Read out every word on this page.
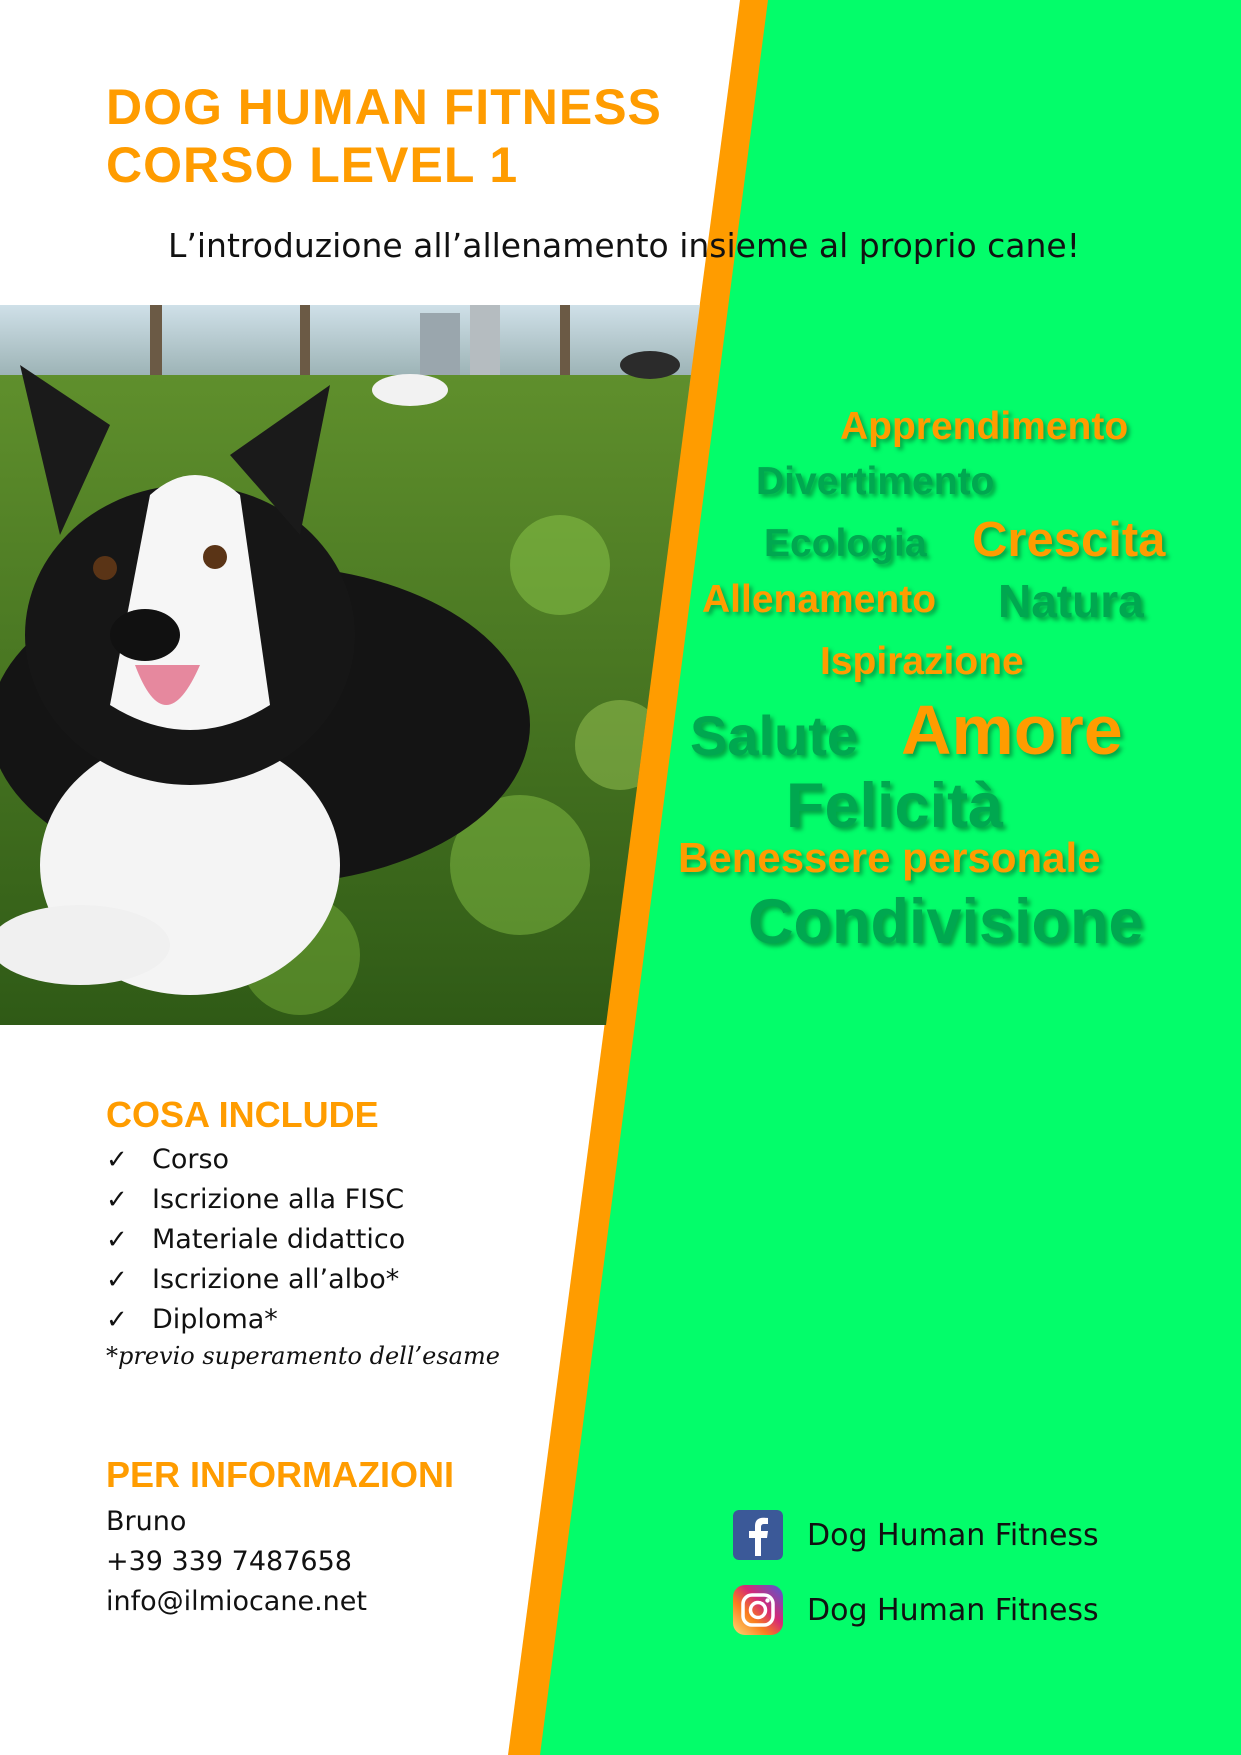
DOG HUMAN FITNESS
CORSO LEVEL 1

L’introduzione all’allenamento insieme al proprio cane!

Apprendimento
Divertimento
Ecologia Crescita
Allenamento Natura
Ispirazione
Salute Amore
Felicità
Benessere personale
Condivisione
COSA INCLUDE
✓ Corso
✓ Iscrizione alla FISC
✓ Materiale didattico
✓ Iscrizione all’albo*
✓ Diploma*

*previo superamento dell’esame

PER INFORMAZIONI
Bruno
+39 339 7487658
info@ilmiocane.net
Dog Human Fitness
Dog Human Fitness
